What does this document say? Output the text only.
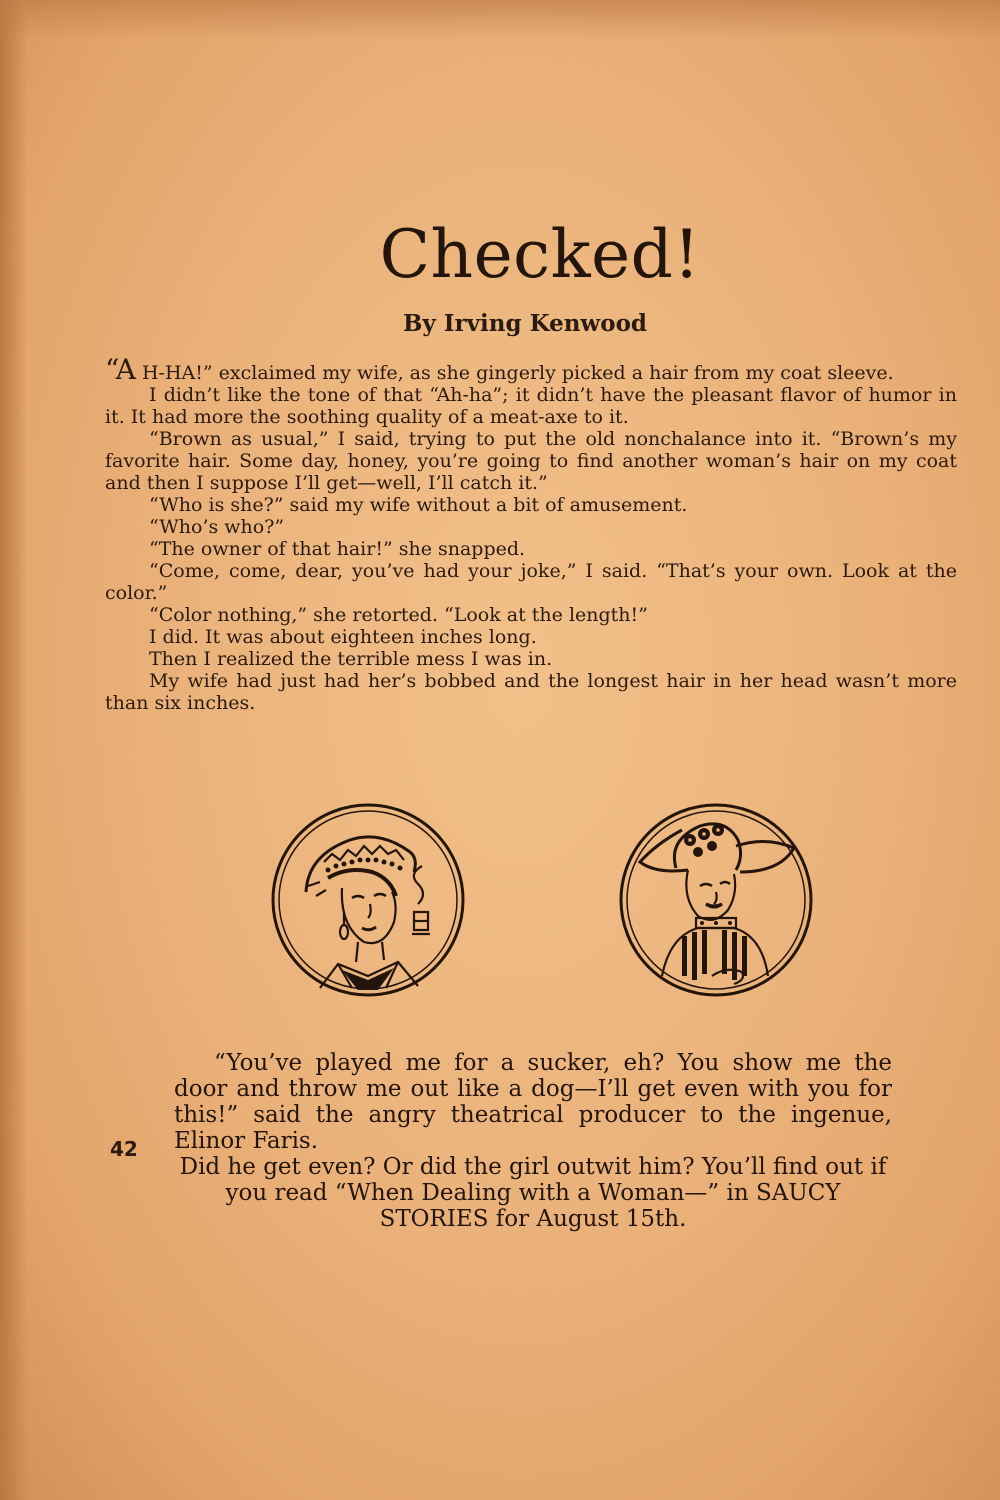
Checked!
By Irving Kenwood

“A H-HA!” exclaimed my wife, as she gingerly picked a hair from my coat sleeve.

I didn’t like the tone of that “Ah-ha”; it didn’t have the pleasant flavor of humor in it. It had more the soothing quality of a meat-axe to it.

“Brown as usual,” I said, trying to put the old nonchalance into it. “Brown’s my favorite hair. Some day, honey, you’re going to find another woman’s hair on my coat and then I suppose I’ll get—well, I’ll catch it.”

“Who is she?” said my wife without a bit of amusement.

“Who’s who?”

“The owner of that hair!” she snapped.

“Come, come, dear, you’ve had your joke,” I said. “That’s your own. Look at the color.”

“Color nothing,” she retorted. “Look at the length!”

I did. It was about eighteen inches long.

Then I realized the terrible mess I was in.

My wife had just had her’s bobbed and the longest hair in her head wasn’t more than six inches.

“You’ve played me for a sucker, eh? You show me the door and throw me out like a dog—I’ll get even with you for this!” said the angry theatrical producer to the ingenue, Elinor Faris.

Did he get even? Or did the girl outwit him? You’ll find out if you read “When Dealing with a Woman—” in SAUCY STORIES for August 15th.

42
